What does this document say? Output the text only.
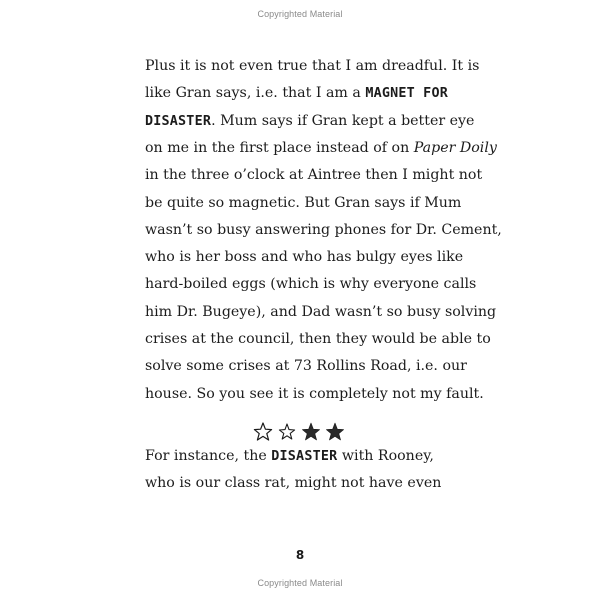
Copyrighted Material
Plus it is not even true that I am dreadful. It is
like Gran says, i.e. that I am a MAGNET FOR
DISASTER. Mum says if Gran kept a better eye
on me in the first place instead of on Paper Doily
in the three o’clock at Aintree then I might not
be quite so magnetic. But Gran says if Mum
wasn’t so busy answering phones for Dr. Cement,
who is her boss and who has bulgy eyes like
hard-boiled eggs (which is why everyone calls
him Dr. Bugeye), and Dad wasn’t so busy solving
crises at the council, then they would be able to
solve some crises at 73 Rollins Road, i.e. our
house. So you see it is completely not my fault.
For instance, the DISASTER with Rooney,
who is our class rat, might not have even
8
Copyrighted Material
